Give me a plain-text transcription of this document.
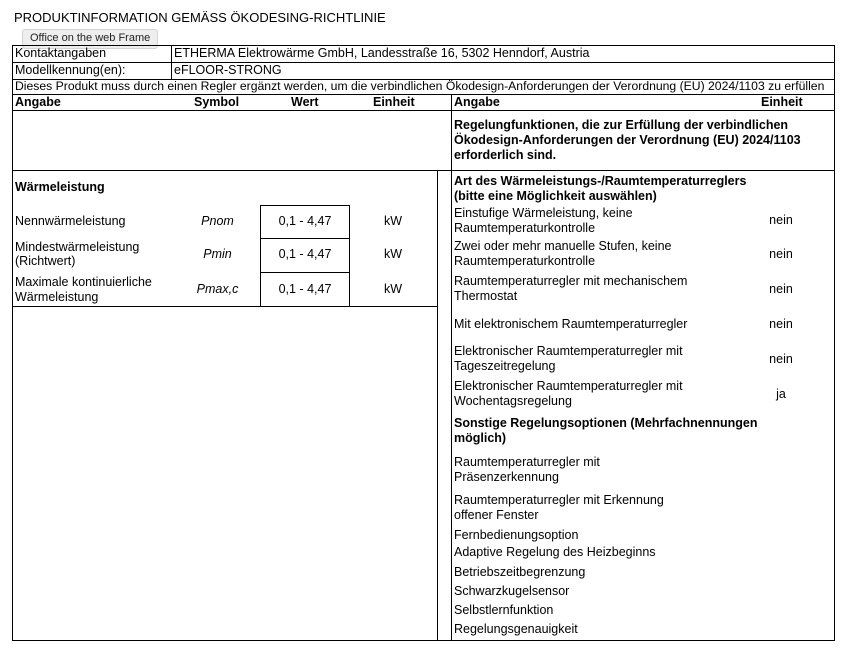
PRODUKTINFORMATION GEMÄSS ÖKODESING-RICHTLINIE
Office on the web Frame
Kontaktangaben	ETHERMA Elektrowärme GmbH, Landesstraße 16, 5302 Henndorf, Austria
Modellkennung(en):	eFLOOR-STRONG
Dieses Produkt muss durch einen Regler ergänzt werden, um die verbindlichen Ökodesign-Anforderungen der Verordnung (EU) 2024/1103 zu erfüllen
Angabe	Symbol	Wert	Einheit	Angabe	Einheit
Wärmeleistung
Nennwärmeleistung	Pnom	0,1 - 4,47	kW
Mindestwärmeleistung
(Richtwert)	Pmin	0,1 - 4,47	kW
Maximale kontinuierliche
Wärmeleistung
Pmax,c	0,1 - 4,47	kW
Regelungfunktionen, die zur Erfüllung der verbindlichen
Ökodesign-Anforderungen der Verordnung (EU) 2024/1103
erforderlich sind.
Art des Wärmeleistungs-/Raumtemperaturreglers
(bitte eine Möglichkeit auswählen)
Einstufige Wärmeleistung, keine
Raumtemperaturkontrolle
nein
Zwei oder mehr manuelle Stufen, keine
Raumtemperaturkontrolle	nein
Raumtemperaturregler mit mechanischem
Thermostat	nein
Mit elektronischem Raumtemperaturregler	nein
Elektronischer Raumtemperaturregler mit
Tageszeitregelung	nein
Elektronischer Raumtemperaturregler mit
Wochentagsregelung	ja
Sonstige Regelungsoptionen (Mehrfachnennungen
möglich)
Raumtemperaturregler mit
Präsenzerkennung
Raumtemperaturregler mit Erkennung
offener Fenster
Fernbedienungsoption
Adaptive Regelung des Heizbeginns
Betriebszeitbegrenzung
Schwarzkugelsensor
Selbstlernfunktion
Regelungsgenauigkeit
